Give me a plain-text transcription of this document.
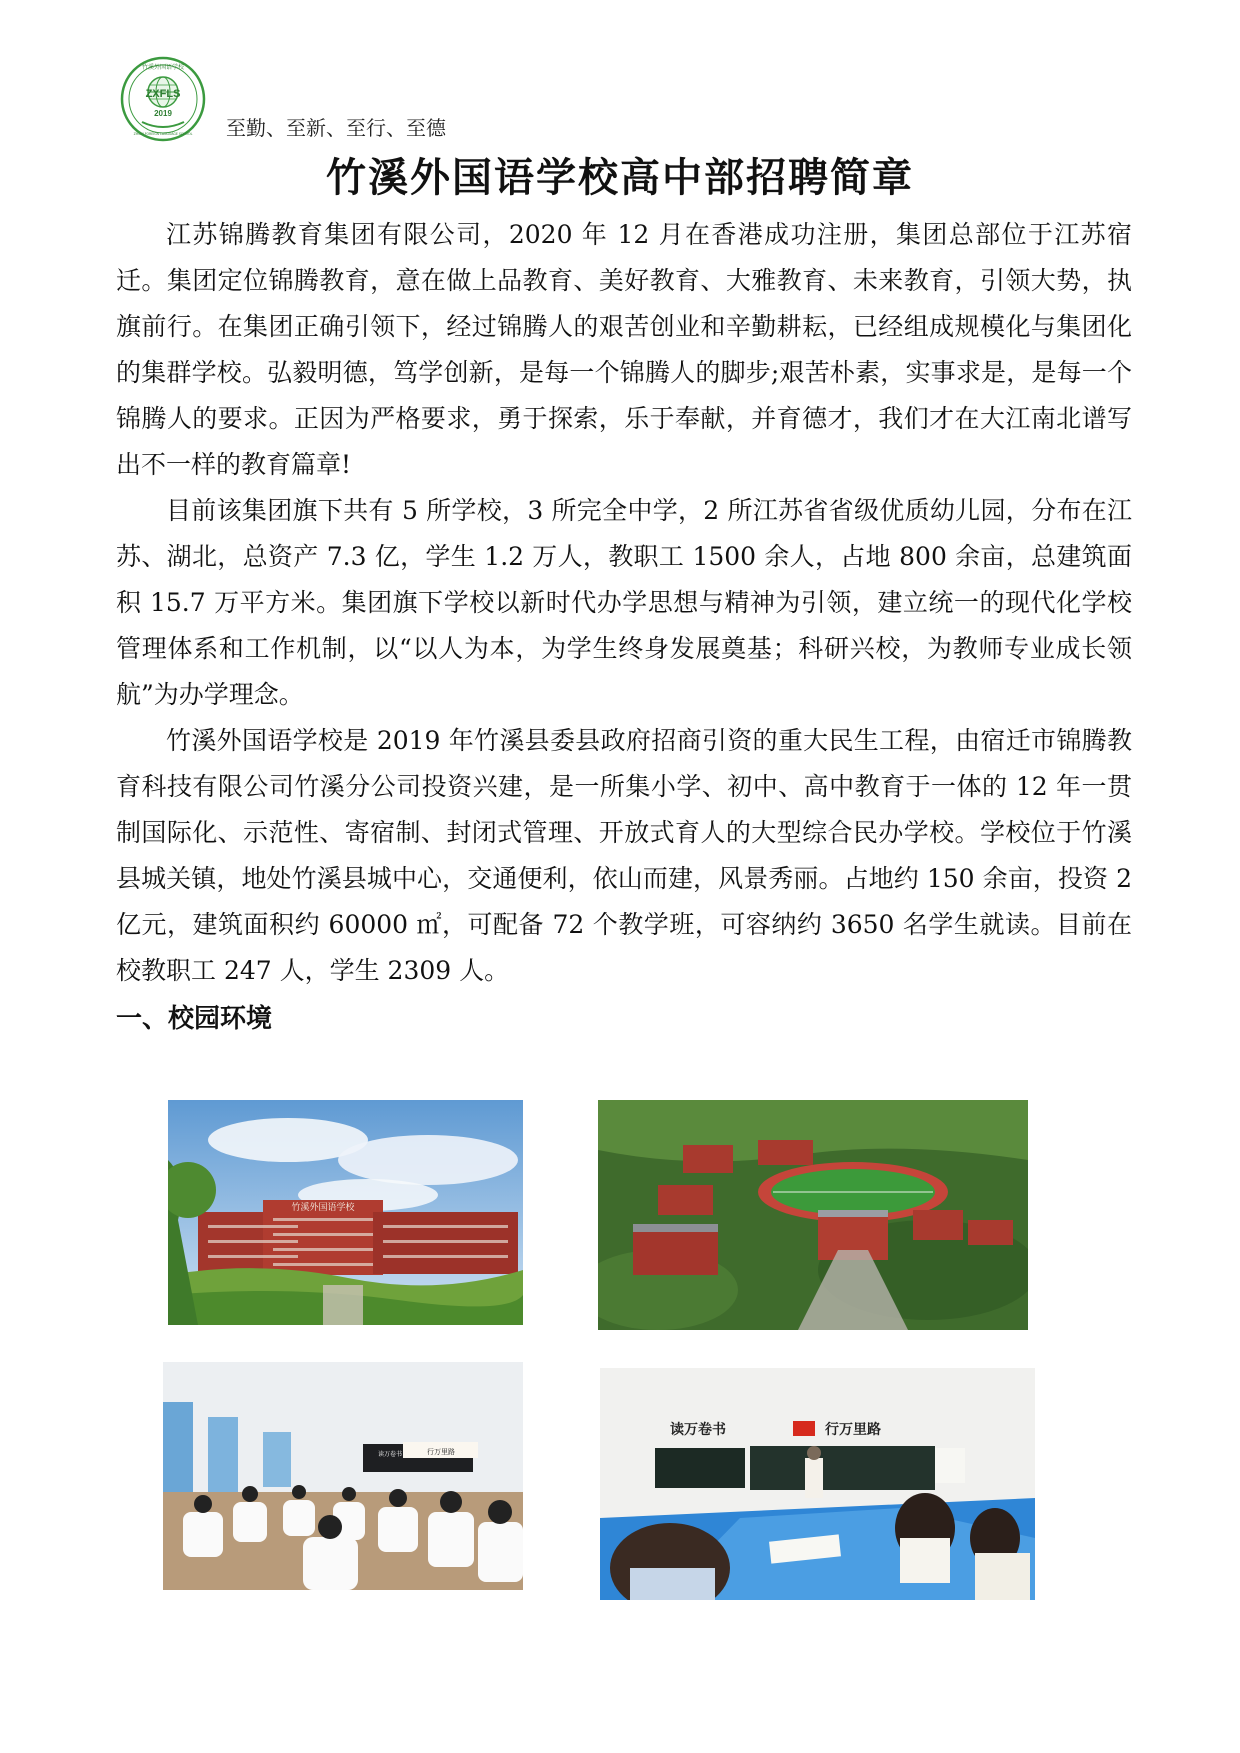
ZXFLS
2019
竹溪外国语学校
ZHUXI FOREIGN LANGUAGE SCHOOL 至勤、至新、至行、至德
竹溪外国语学校高中部招聘简章

江苏锦腾教育集团有限公司，2020 年 12 月在香港成功注册，集团总部位于江苏宿迁。集团定位锦腾教育，意在做上品教育、美好教育、大雅教育、未来教育，引领大势，执旗前行。在集团正确引领下，经过锦腾人的艰苦创业和辛勤耕耘，已经组成规模化与集团化的集群学校。弘毅明德，笃学创新，是每一个锦腾人的脚步;艰苦朴素，实事求是，是每一个锦腾人的要求。正因为严格要求，勇于探索，乐于奉献，并育德才，我们才在大江南北谱写出不一样的教育篇章!

目前该集团旗下共有 5 所学校，3 所完全中学，2 所江苏省省级优质幼儿园，分布在江苏、湖北，总资产 7.3 亿，学生 1.2 万人，教职工 1500 余人，占地 800 余亩，总建筑面积 15.7 万平方米。集团旗下学校以新时代办学思想与精神为引领，建立统一的现代化学校管理体系和工作机制，以“以人为本，为学生终身发展奠基；科研兴校，为教师专业成长领航”为办学理念。

竹溪外国语学校是 2019 年竹溪县委县政府招商引资的重大民生工程，由宿迁市锦腾教育科技有限公司竹溪分公司投资兴建，是一所集小学、初中、高中教育于一体的 12 年一贯制国际化、示范性、寄宿制、封闭式管理、开放式育人的大型综合民办学校。学校位于竹溪县城关镇，地处竹溪县城中心，交通便利，依山而建，风景秀丽。占地约 150 余亩，投资 2 亿元，建筑面积约 60000 ㎡，可配备 72 个教学班，可容纳约 3650 名学生就读。目前在校教职工 247 人，学生 2309 人。

一、校园环境
竹溪外国语学校
读万卷书	行万里路
读万卷书	行万里路
